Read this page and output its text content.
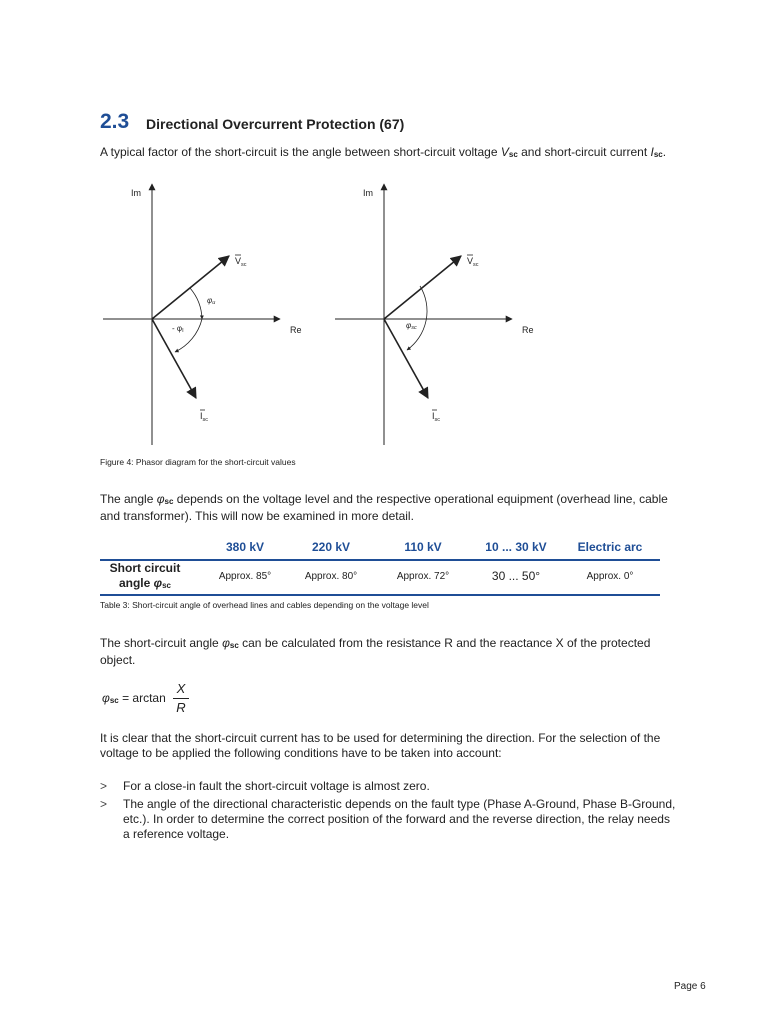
2.3 Directional Overcurrent Protection (67)
A typical factor of the short-circuit is the angle between short-circuit voltage $V_{sc}$ and short-circuit current $I_{sc}$.
Im
Re
$V_{sc}$
$I_{sc}$
φu
- φI
Im
Re
$V_{sc}$
$I_{sc}$
φsc
Figure 4: Phasor diagram for the short-circuit values
The angle $\varphi_{sc}$ depends on the voltage level and the respective operational equipment (overhead line, cable
and transformer). This will now be examined in more detail.
380 kV	220 kV	110 kV	10 ... 30 kV	Electric arc
Short circuit
angle $\varphi_{sc}$
Approx. 85°	Approx. 80°	Approx. 72°	30 ... 50°	Approx. 0°
Table 3: Short-circuit angle of overhead lines and cables depending on the voltage level
The short-circuit angle $\varphi_{sc}$ can be calculated from the resistance R and the reactance X of the protected
object.
$\varphi_{sc} = \arctan$
X
R
It is clear that the short-circuit current has to be used for determining the direction. For the selection of the
voltage to be applied the following conditions have to be taken into account:
> For a close-in fault the short-circuit voltage is almost zero.
> The angle of the directional characteristic depends on the fault type (Phase A-Ground, Phase B-Ground,
etc.). In order to determine the correct position of the forward and the reverse direction, the relay needs
a reference voltage.
Page 6
